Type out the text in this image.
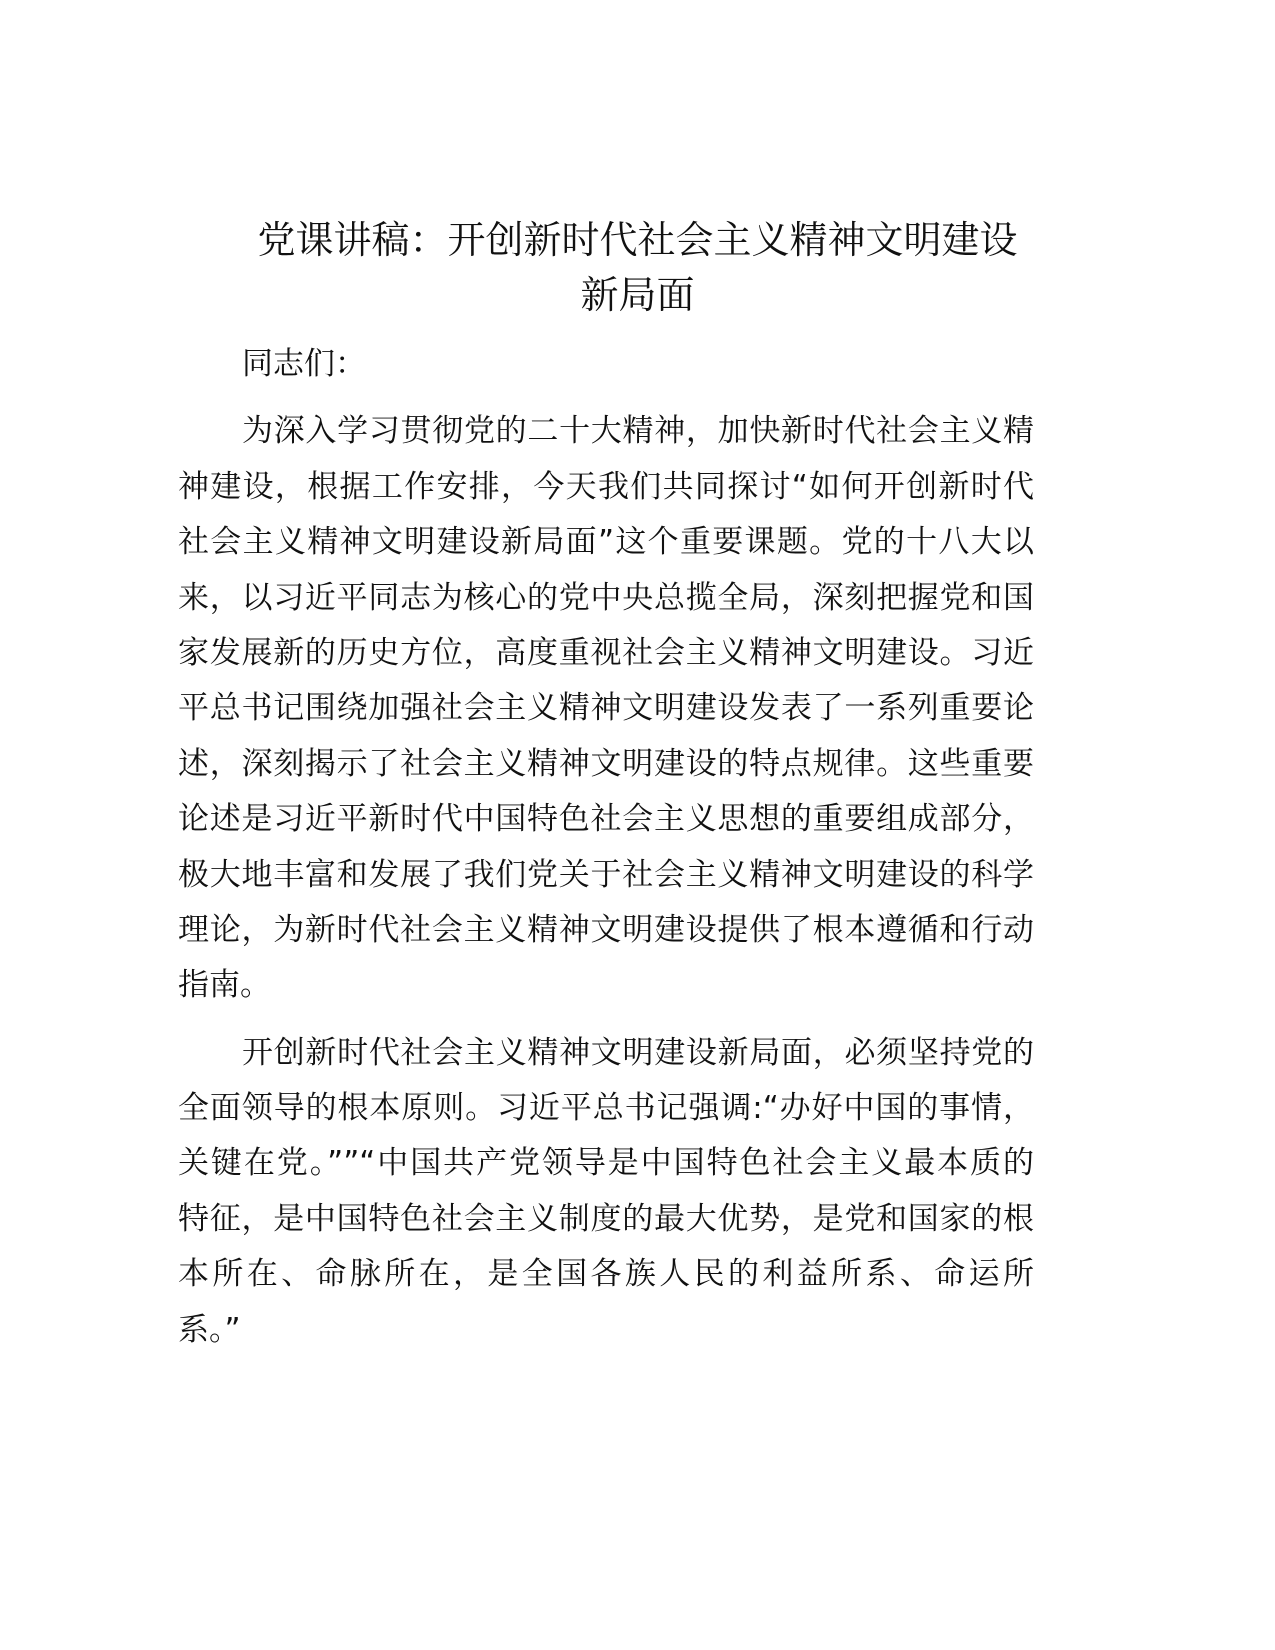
党课讲稿：开创新时代社会主义精神文明建设
新局面
同志们：
为深入学习贯彻党的二十大精神，加快新时代社会主义精
神建设，根据工作安排，今天我们共同探讨“如何开创新时代
社会主义精神文明建设新局面”这个重要课题。党的十八大以
来，以习近平同志为核心的党中央总揽全局，深刻把握党和国
家发展新的历史方位，高度重视社会主义精神文明建设。习近
平总书记围绕加强社会主义精神文明建设发表了一系列重要论
述，深刻揭示了社会主义精神文明建设的特点规律。这些重要
论述是习近平新时代中国特色社会主义思想的重要组成部分，
极大地丰富和发展了我们党关于社会主义精神文明建设的科学
理论，为新时代社会主义精神文明建设提供了根本遵循和行动
指南。
开创新时代社会主义精神文明建设新局面，必须坚持党的
全面领导的根本原则。习近平总书记强调:“办好中国的事情，
关键在党。””“中国共产党领导是中国特色社会主义最本质的
特征，是中国特色社会主义制度的最大优势，是党和国家的根
本所在、命脉所在，是全国各族人民的利益所系、命运所
系。”
